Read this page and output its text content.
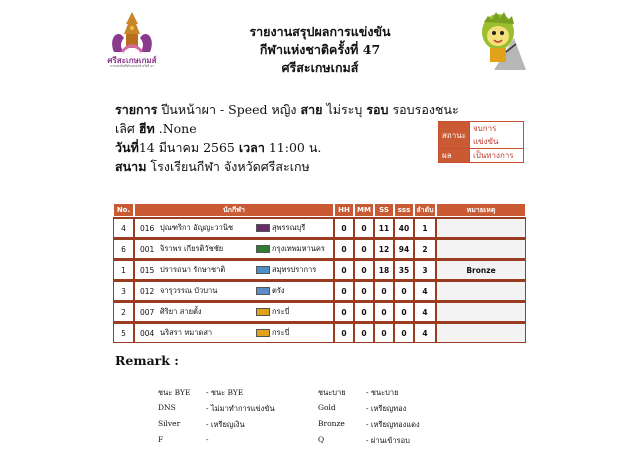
ศรีสะเกษเกมส์
การแข่งขันกีฬาแห่งชาติ ครั้งที่ 47
รายงานสรุปผลการแข่งขัน
กีฬาแห่งชาติครั้งที่ 47
ศรีสะเกษเกมส์
รายการ ปีนหน้าผา - Speed หญิง สาย ไม่ระบุ รอบ รอบรองชนะ
เลิศ ฮีท .None
วันที่14 มีนาคม 2565 เวลา 11:00 น.
สนาม โรงเรียนกีฬา จังหวัดศรีสะเกษ
สถานะ	จบการแข่งขัน
ผล	เป็นทางการ
No.	นักกีฬา	HH	MM	SS	sss	ลำดับ	หมายเหตุ
4	016 ปุณฑริกา อัญญะวานิช สุพรรณบุรี	0	0	11	40	1	
6	001 จิราพร เกียรติวัชชัย กรุงเทพมหานคร	0	0	12	94	2	
1	015 ปรารถนา รักษาชาติ สมุทรปราการ	0	0	18	35	3	Bronze
3	012 จารุวรรณ บัวบาน ตรัง	0	0	0	0	4	
2	007 ศิริยา สายตั้ง กระบี่	0	0	0	0	4	
5	004 นริสรา หมาดสา กระบี่	0	0	0	0	4	
Remark :
ชนะ BYE	- ชนะ BYE	ชนะบาย	- ชนะบาย
DNS	- ไม่มาทำการแข่งขัน	Gold	- เหรียญทอง
Silver	- เหรียญเงิน	Bronze	- เหรียญทองแดง
F	-	Q	- ผ่านเข้ารอบ
